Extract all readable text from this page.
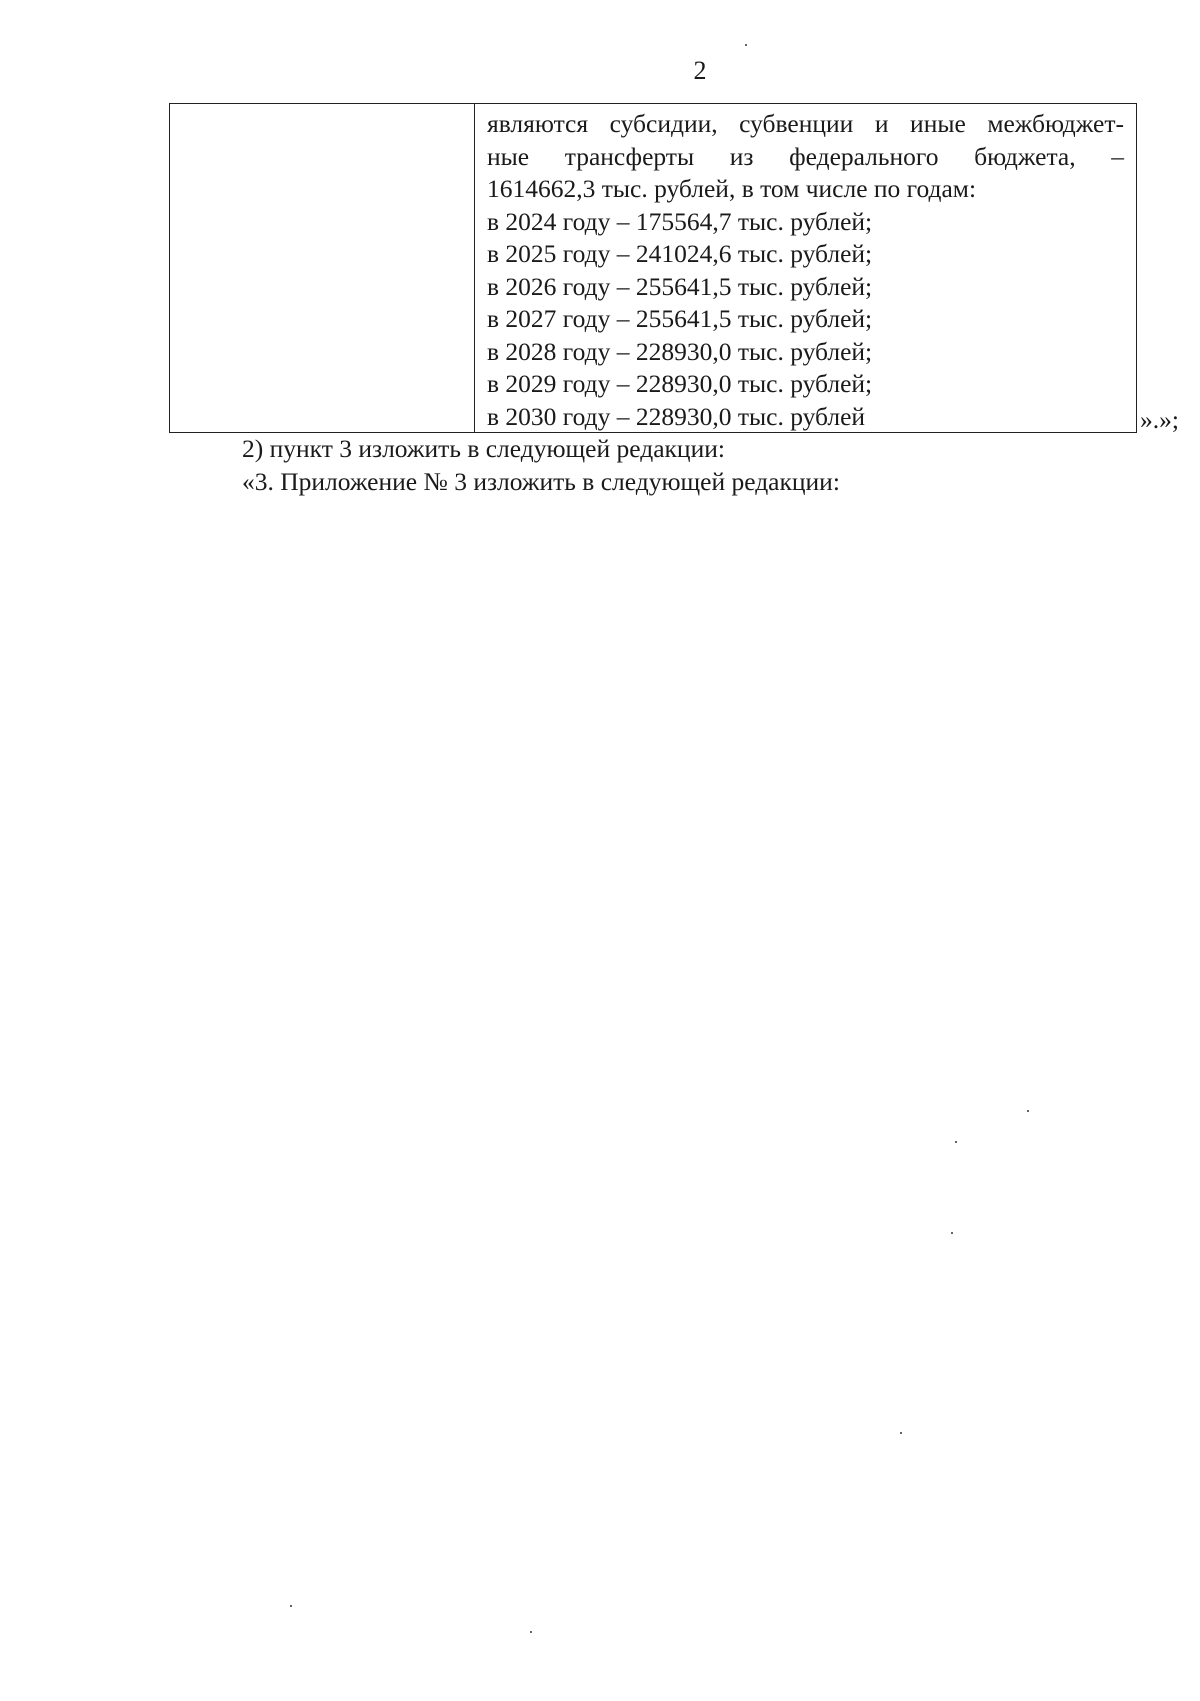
2
являются субсидии, субвенции и иные межбюджет-
ные трансферты из федерального бюджета, –
1614662,3 тыс. рублей, в том числе по годам:
в 2024 году – 175564,7 тыс. рублей;
в 2025 году – 241024,6 тыс. рублей;
в 2026 году – 255641,5 тыс. рублей;
в 2027 году – 255641,5 тыс. рублей;
в 2028 году – 228930,0 тыс. рублей;
в 2029 году – 228930,0 тыс. рублей;
в 2030 году – 228930,0 тыс. рублей	».»;
2) пункт 3 изложить в следующей редакции:
«3. Приложение № 3 изложить в следующей редакции:
